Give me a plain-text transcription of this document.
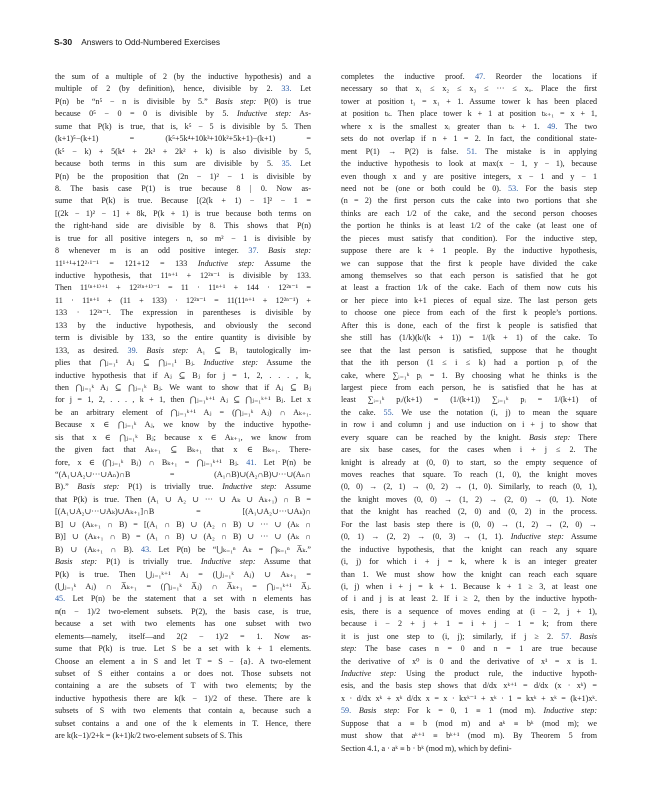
S-30 Answers to Odd-Numbered Exercises
the sum of a multiple of 2 (by the inductive hypothesis) and a
multiple of 2 (by definition), hence, divisible by 2. 33. Let
P(n) be “n⁵ − n is divisible by 5.” Basis step: P(0) is true
because 0⁵ − 0 = 0 is divisible by 5. Inductive step: As-
sume that P(k) is true, that is, k⁵ − 5 is divisible by 5. Then
(k+1)⁵−(k+1) = (k⁵+5k⁴+10k³+10k²+5k+1)−(k+1) =
(k⁵ − k) + 5(k⁴ + 2k³ + 2k² + k) is also divisible by 5,
because both terms in this sum are divisible by 5. 35. Let
P(n) be the proposition that (2n − 1)² − 1 is divisible by
8. The basis case P(1) is true because 8 | 0. Now as-
sume that P(k) is true. Because [(2(k + 1) − 1]² − 1 =
[(2k − 1)² − 1] + 8k, P(k + 1) is true because both terms on
the right-hand side are divisible by 8. This shows that P(n)
is true for all positive integers n, so m² − 1 is divisible by
8 whenever m is an odd positive integer. 37. Basis step:
11¹⁺¹+12²·¹⁻¹ = 121+12 = 133 Inductive step: Assume the
inductive hypothesis, that 11ⁿ⁺¹ + 12²ⁿ⁻¹ is divisible by 133.
Then 11⁽ⁿ⁺¹⁾⁺¹ + 12²⁽ⁿ⁺¹⁾⁻¹ = 11 · 11ⁿ⁺¹ + 144 · 12²ⁿ⁻¹ =
11 · 11ⁿ⁺¹ + (11 + 133) · 12²ⁿ⁻¹ = 11(11ⁿ⁺¹ + 12²ⁿ⁻¹) +
133 · 12²ⁿ⁻¹. The expression in parentheses is divisible by
133 by the inductive hypothesis, and obviously the second
term is divisible by 133, so the entire quantity is divisible by
133, as desired. 39. Basis step: A₁ ⊆ B₁ tautologically im-
plies that ⋂ⱼ₌₁¹ Aⱼ ⊆ ⋂ⱼ₌₁¹ Bⱼ. Inductive step: Assume the
inductive hypothesis that if Aⱼ ⊆ Bⱼ for j = 1, 2, . . . , k,
then ⋂ⱼ₌₁ᵏ Aⱼ ⊆ ⋂ⱼ₌₁ᵏ Bⱼ. We want to show that if Aⱼ ⊆ Bⱼ
for j = 1, 2, . . . , k + 1, then ⋂ⱼ₌₁ᵏ⁺¹ Aⱼ ⊆ ⋂ⱼ₌₁ᵏ⁺¹ Bⱼ. Let x
be an arbitrary element of ⋂ⱼ₌₁ᵏ⁺¹ Aⱼ = (⋂ⱼ₌₁ᵏ Aⱼ) ∩ Aₖ₊₁.
Because x ∈ ⋂ⱼ₌₁ᵏ Aⱼ, we know by the inductive hypothe-
sis that x ∈ ⋂ⱼ₌₁ᵏ Bⱼ; because x ∈ Aₖ₊₁, we know from
the given fact that Aₖ₊₁ ⊆ Bₖ₊₁ that x ∈ Bₖ₊₁. There-
fore, x ∈ (⋂ⱼ₌₁ᵏ Bⱼ) ∩ Bₖ₊₁ = ⋂ⱼ₌₁ᵏ⁺¹ Bⱼ. 41. Let P(n) be
“(A₁∪A₂∪···∪Aₙ)∩B = (A₁∩B)∪(A₂∩B)∪···∪(Aₙ∩
B).” Basis step: P(1) is trivially true. Inductive step: Assume
that P(k) is true. Then (A₁ ∪ A₂ ∪ ··· ∪ Aₖ ∪ Aₖ₊₁) ∩ B =
[(A₁∪A₂∪···∪Aₖ)∪Aₖ₊₁]∩B = [(A₁∪A₂∪···∪Aₖ)∩
B] ∪ (Aₖ₊₁ ∩ B) = [(A₁ ∩ B) ∪ (A₂ ∩ B) ∪ ··· ∪ (Aₖ ∩
B)] ∪ (Aₖ₊₁ ∩ B) = (A₁ ∩ B) ∪ (A₂ ∩ B) ∪ ··· ∪ (Aₖ ∩
B) ∪ (Aₖ₊₁ ∩ B). 43. Let P(n) be “⋃ₖ₌₁ⁿ Aₖ = ⋂ₖ₌₁ⁿ A̅ₖ.”
Basis step: P(1) is trivially true. Inductive step: Assume that
P(k) is true. Then ⋃ⱼ₌₁ᵏ⁺¹ Aⱼ = (⋃ⱼ₌₁ᵏ Aⱼ) ∪ Aₖ₊₁ =
(⋃ⱼ₌₁ᵏ Aⱼ) ∩ A̅ₖ₊₁ = (⋂ⱼ₌₁ᵏ A̅ⱼ) ∩ A̅ₖ₊₁ = ⋂ⱼ₌₁ᵏ⁺¹ A̅ⱼ.
45. Let P(n) be the statement that a set with n elements has
n(n − 1)/2 two-element subsets. P(2), the basis case, is true,
because a set with two elements has one subset with two
elements—namely, itself—and 2(2 − 1)/2 = 1. Now as-
sume that P(k) is true. Let S be a set with k + 1 elements.
Choose an element a in S and let T = S − {a}. A two-element
subset of S either contains a or does not. Those subsets not
containing a are the subsets of T with two elements; by the
inductive hypothesis there are k(k − 1)/2 of these. There are k
subsets of S with two elements that contain a, because such a
subset contains a and one of the k elements in T. Hence, there
are k(k−1)/2+k = (k+1)k/2 two-element subsets of S. This
completes the inductive proof. 47. Reorder the locations if
necessary so that x₁ ≤ x₂ ≤ x₃ ≤ ··· ≤ xₐ. Place the first
tower at position t₁ = x₁ + 1. Assume tower k has been placed
at position tₖ. Then place tower k + 1 at position tₖ₊₁ = x + 1,
where x is the smallest xᵢ greater than tₖ + 1. 49. The two
sets do not overlap if n + 1 = 2. In fact, the conditional state-
ment P(1) → P(2) is false. 51. The mistake is in applying
the inductive hypothesis to look at max(x − 1, y − 1), because
even though x and y are positive integers, x − 1 and y − 1
need not be (one or both could be 0). 53. For the basis step
(n = 2) the first person cuts the cake into two portions that she
thinks are each 1/2 of the cake, and the second person chooses
the portion he thinks is at least 1/2 of the cake (at least one of
the pieces must satisfy that condition). For the inductive step,
suppose there are k + 1 people. By the inductive hypothesis,
we can suppose that the first k people have divided the cake
among themselves so that each person is satisfied that he got
at least a fraction 1/k of the cake. Each of them now cuts his
or her piece into k+1 pieces of equal size. The last person gets
to choose one piece from each of the first k people’s portions.
After this is done, each of the first k people is satisfied that
she still has (1/k)(k/(k + 1)) = 1/(k + 1) of the cake. To
see that the last person is satisfied, suppose that he thought
that the ith person (1 ≤ i ≤ k) had a portion pᵢ of the
cake, where ∑ᵢ₌₁ᵏ pᵢ = 1. By choosing what he thinks is the
largest piece from each person, he is satisfied that he has at
least ∑ᵢ₌₁ᵏ pᵢ/(k+1) = (1/(k+1)) ∑ᵢ₌₁ᵏ pᵢ = 1/(k+1) of
the cake. 55. We use the notation (i, j) to mean the square
in row i and column j and use induction on i + j to show that
every square can be reached by the knight. Basis step: There
are six base cases, for the cases when i + j ≤ 2. The
knight is already at (0, 0) to start, so the empty sequence of
moves reaches that square. To reach (1, 0), the knight moves
(0, 0) → (2, 1) → (0, 2) → (1, 0). Similarly, to reach (0, 1),
the knight moves (0, 0) → (1, 2) → (2, 0) → (0, 1). Note
that the knight has reached (2, 0) and (0, 2) in the process.
For the last basis step there is (0, 0) → (1, 2) → (2, 0) →
(0, 1) → (2, 2) → (0, 3) → (1, 1). Inductive step: Assume
the inductive hypothesis, that the knight can reach any square
(i, j) for which i + j = k, where k is an integer greater
than 1. We must show how the knight can reach each square
(i, j) when i + j = k + 1. Because k + 1 ≥ 3, at least one
of i and j is at least 2. If i ≥ 2, then by the inductive hypoth-
esis, there is a sequence of moves ending at (i − 2, j + 1),
because i − 2 + j + 1 = i + j − 1 = k; from there
it is just one step to (i, j); similarly, if j ≥ 2. 57. Basis
step: The base cases n = 0 and n = 1 are true because
the derivative of x⁰ is 0 and the derivative of x¹ = x is 1.
Inductive step: Using the product rule, the inductive hypoth-
esis, and the basis step shows that d/dx xᵏ⁺¹ = d/dx (x · xᵏ) =
x · d/dx xᵏ + xᵏ d/dx x = x · kxᵏ⁻¹ + xᵏ · 1 = kxᵏ + xᵏ = (k+1)xᵏ.
59. Basis step: For k = 0, 1 ≡ 1 (mod m). Inductive step:
Suppose that a ≡ b (mod m) and aᵏ ≡ bᵏ (mod m); we
must show that aᵏ⁺¹ ≡ bᵏ⁺¹ (mod m). By Theorem 5 from
Section 4.1, a · aᵏ ≡ b · bᵏ (mod m), which by defini-
